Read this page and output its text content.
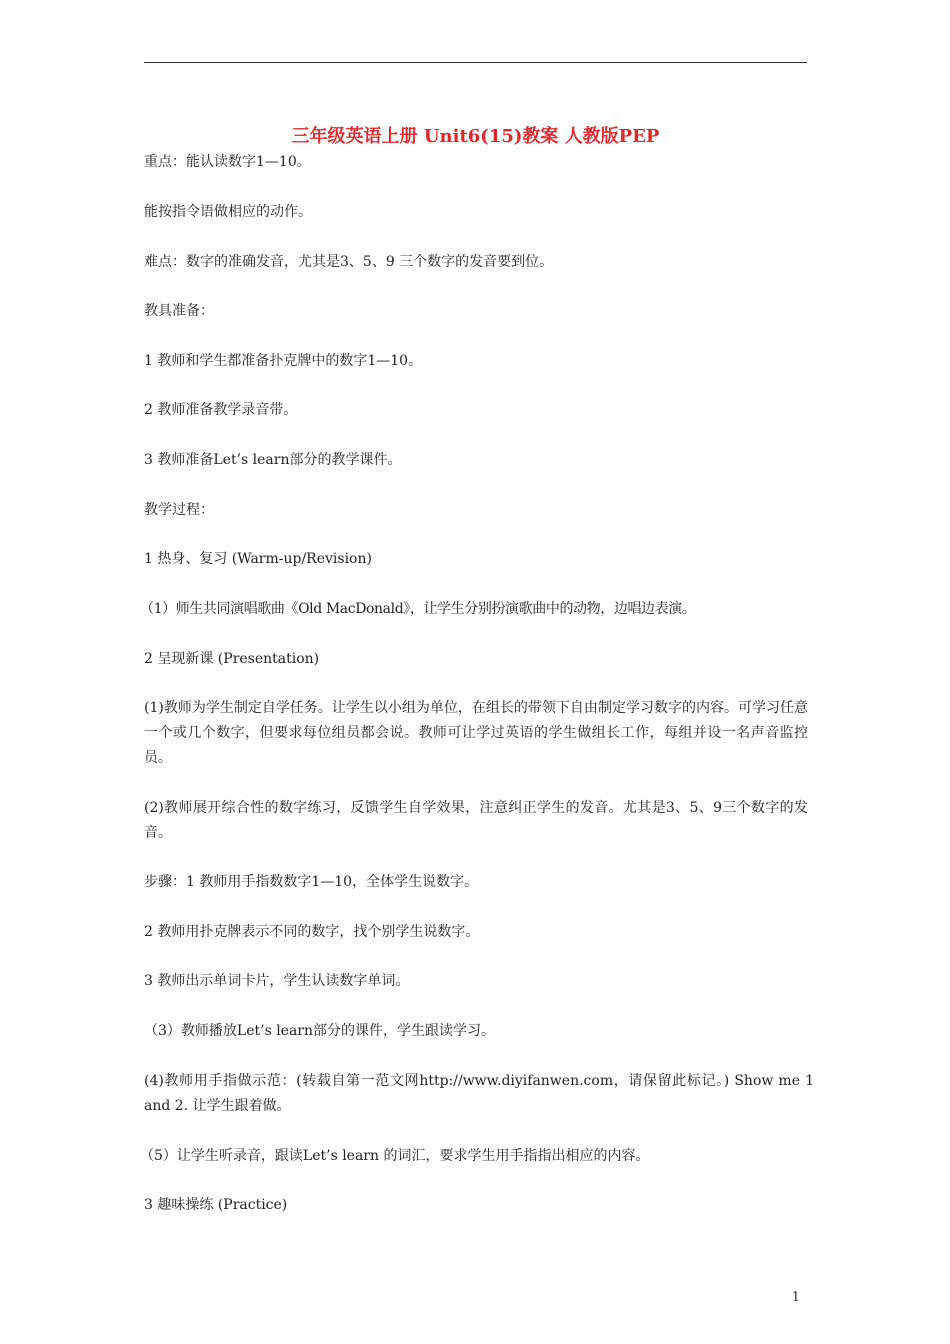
三年级英语上册 Unit6(15)教案 人教版PEP

重点：能认读数字1—10。

能按指令语做相应的动作。

难点：数字的准确发音，尤其是3、5、9 三个数字的发音要到位。

教具准备：

1 教师和学生都准备扑克牌中的数字1—10。

2 教师准备教学录音带。

3 教师准备Let’s learn部分的教学课件。

教学过程：

1 热身、复习 (Warm-up/Revision)

（1）师生共同演唱歌曲《Old MacDonald》，让学生分别扮演歌曲中的动物，边唱边表演。

2 呈现新课 (Presentation)

(1)教师为学生制定自学任务。让学生以小组为单位，在组长的带领下自由制定学习数字的内容。可学习任意一个或几个数字，但要求每位组员都会说。教师可让学过英语的学生做组长工作，每组并设一名声音监控员。

(2)教师展开综合性的数字练习，反馈学生自学效果，注意纠正学生的发音。尤其是3、5、9三个数字的发音。

步骤：1 教师用手指数数字1—10，全体学生说数字。

2 教师用扑克牌表示不同的数字，找个别学生说数字。

3 教师出示单词卡片，学生认读数字单词。

（3）教师播放Let’s learn部分的课件，学生跟读学习。

(4)教师用手指做示范：(转载自第一范文网http://www.diyifanwen.com，请保留此标记。) Show me 1 and 2. 让学生跟着做。

（5）让学生听录音，跟读Let’s learn 的词汇，要求学生用手指指出相应的内容。

3 趣味操练 (Practice)

1
